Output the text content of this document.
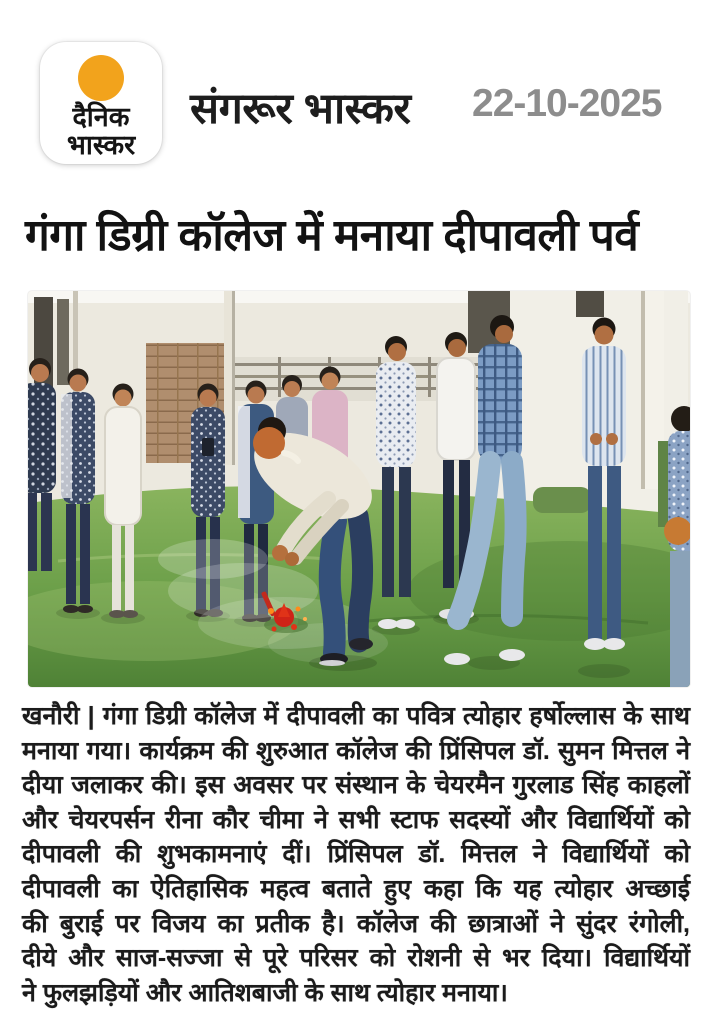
दैनिक
भास्कर
संगरूर भास्कर 22-10-2025
गंगा डिग्री कॉलेज में मनाया दीपावली पर्व
खनौरी | गंगा डिग्री कॉलेज में दीपावली का पवित्र त्योहार हर्षोल्लास के साथ
मनाया गया। कार्यक्रम की शुरुआत कॉलेज की प्रिंसिपल डॉ. सुमन मित्तल ने
दीया जलाकर की। इस अवसर पर संस्थान के चेयरमैन गुरलाड सिंह काहलों
और चेयरपर्सन रीना कौर चीमा ने सभी स्टाफ सदस्यों और विद्यार्थियों को
दीपावली की शुभकामनाएं दीं। प्रिंसिपल डॉ. मित्तल ने विद्यार्थियों को
दीपावली का ऐतिहासिक महत्व बताते हुए कहा कि यह त्योहार अच्छाई
की बुराई पर विजय का प्रतीक है। कॉलेज की छात्राओं ने सुंदर रंगोली,
दीये और साज-सज्जा से पूरे परिसर को रोशनी से भर दिया। विद्यार्थियों
ने फुलझड़ियों और आतिशबाजी के साथ त्योहार मनाया।
